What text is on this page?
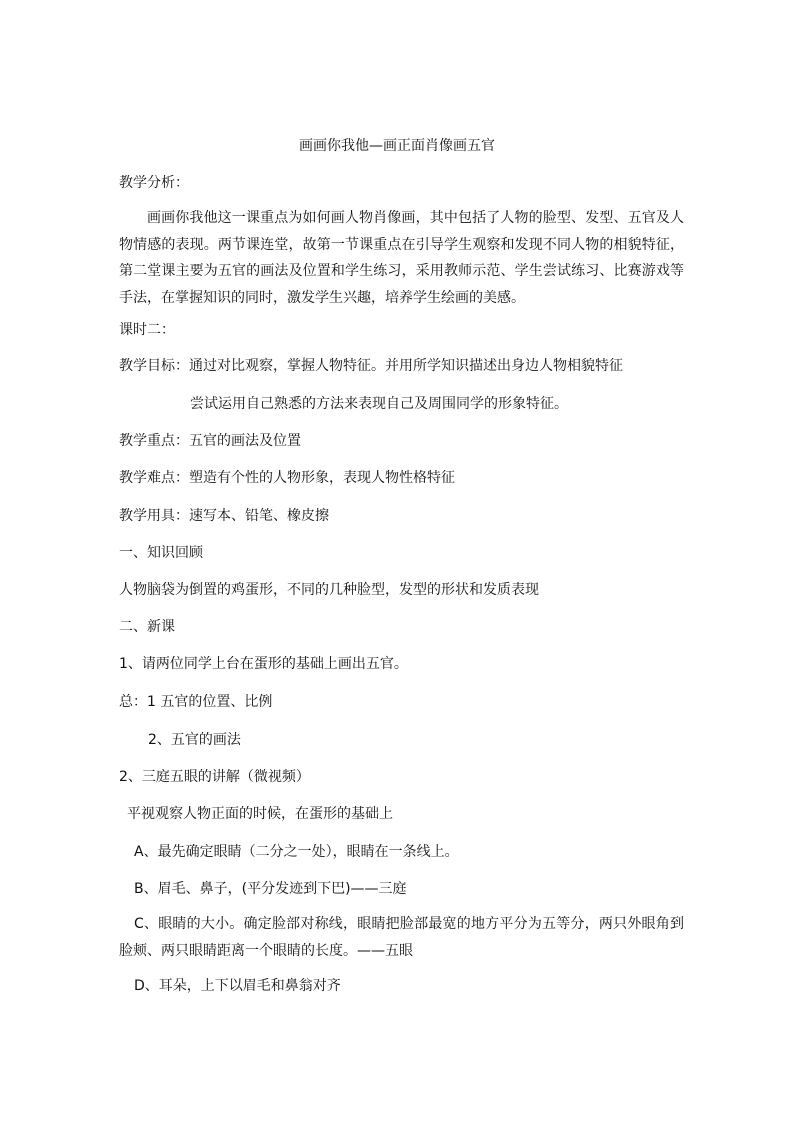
画画你我他—画正面肖像画五官
教学分析：
画画你我他这一课重点为如何画人物肖像画，其中包括了人物的脸型、发型、五官及人物情感的表现。两节课连堂，故第一节课重点在引导学生观察和发现不同人物的相貌特征，第二堂课主要为五官的画法及位置和学生练习，采用教师示范、学生尝试练习、比赛游戏等手法，在掌握知识的同时，激发学生兴趣，培养学生绘画的美感。
课时二：
教学目标：通过对比观察，掌握人物特征。并用所学知识描述出身边人物相貌特征
尝试运用自己熟悉的方法来表现自己及周围同学的形象特征。
教学重点：五官的画法及位置
教学难点：塑造有个性的人物形象，表现人物性格特征
教学用具：速写本、铅笔、橡皮擦
一、知识回顾
人物脑袋为倒置的鸡蛋形，不同的几种脸型，发型的形状和发质表现
二、新课
1、请两位同学上台在蛋形的基础上画出五官。
总：1 五官的位置、比例
2、五官的画法
2、三庭五眼的讲解（微视频）
平视观察人物正面的时候，在蛋形的基础上
A、最先确定眼睛（二分之一处），眼睛在一条线上。
B、眉毛、鼻子，(平分发迹到下巴)——三庭
C、眼睛的大小。确定脸部对称线，眼睛把脸部最宽的地方平分为五等分，两只外眼角到脸颊、两只眼睛距离一个眼睛的长度。——五眼
D、耳朵，上下以眉毛和鼻翁对齐
